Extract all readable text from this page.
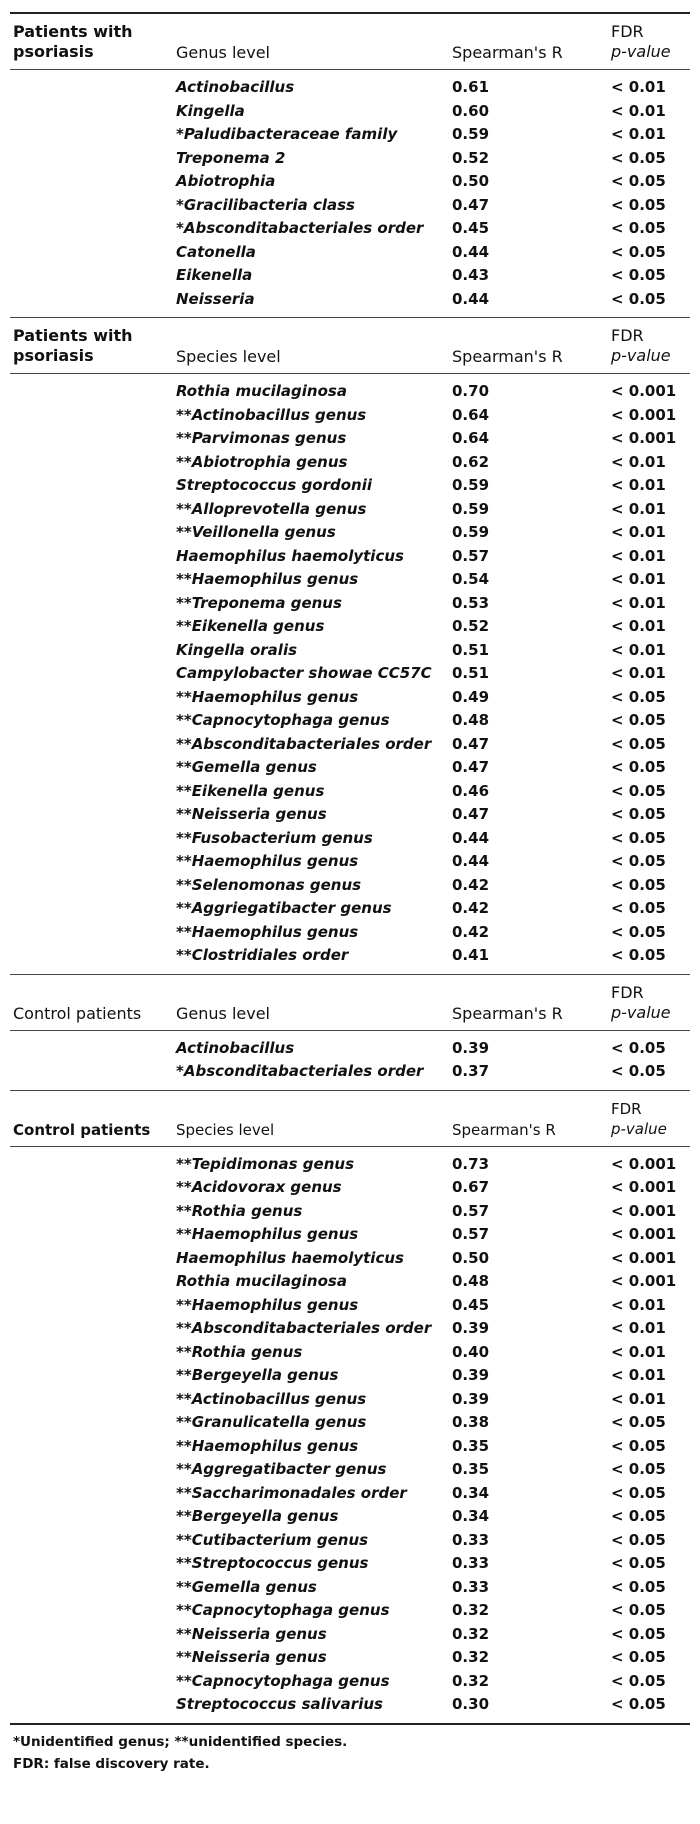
Patients with psoriasis	Genus level	Spearman's R
FDR
p-value
Actinobacillus	0.61	< 0.01
Kingella	0.60	< 0.01
*Paludibacteraceae family	0.59	< 0.01
Treponema 2	0.52	< 0.05
Abiotrophia	0.50	< 0.05
*Gracilibacteria class	0.47	< 0.05
*Absconditabacteriales order 0.45	< 0.05
Catonella	0.44	< 0.05
Eikenella	0.43	< 0.05
Neisseria	0.44	< 0.05
Patients with psoriasis	Species level	Spearman's R
FDR
p-value
Rothia mucilaginosa	0.70	< 0.001
**Actinobacillus genus	0.64	< 0.001
**Parvimonas genus	0.64	< 0.001
**Abiotrophia genus	0.62	< 0.01
Streptococcus gordonii	0.59	< 0.01
**Alloprevotella genus	0.59	< 0.01
**Veillonella genus	0.59	< 0.01
Haemophilus haemolyticus	0.57	< 0.01
**Haemophilus genus	0.54	< 0.01
**Treponema genus	0.53	< 0.01
**Eikenella genus	0.52	< 0.01
Kingella oralis	0.51	< 0.01
Campylobacter showae CC57C 0.51	< 0.01
**Haemophilus genus	0.49	< 0.05
**Capnocytophaga genus	0.48	< 0.05
**Absconditabacteriales order 0.47	< 0.05
**Gemella genus	0.47	< 0.05
**Eikenella genus	0.46	< 0.05
**Neisseria genus	0.47	< 0.05
**Fusobacterium genus	0.44	< 0.05
**Haemophilus genus	0.44	< 0.05
**Selenomonas genus	0.42	< 0.05
**Aggriegatibacter genus	0.42	< 0.05
**Haemophilus genus	0.42	< 0.05
**Clostridiales order	0.41	< 0.05
Control patients	Genus level	Spearman's R
FDR
p-value
Actinobacillus	0.39	< 0.05
*Absconditabacteriales order 0.37	< 0.05
Control patients	Species level	Spearman's R
FDR
p-value
**Tepidimonas genus	0.73	< 0.001
**Acidovorax genus	0.67	< 0.001
**Rothia genus	0.57	< 0.001
**Haemophilus genus	0.57	< 0.001
Haemophilus haemolyticus	0.50	< 0.001
Rothia mucilaginosa	0.48	< 0.001
**Haemophilus genus	0.45	< 0.01
**Absconditabacteriales order 0.39	< 0.01
**Rothia genus	0.40	< 0.01
**Bergeyella genus	0.39	< 0.01
**Actinobacillus genus	0.39	< 0.01
**Granulicatella genus	0.38	< 0.05
**Haemophilus genus	0.35	< 0.05
**Aggregatibacter genus	0.35	< 0.05
**Saccharimonadales order	0.34	< 0.05
**Bergeyella genus	0.34	< 0.05
**Cutibacterium genus	0.33	< 0.05
**Streptococcus genus	0.33	< 0.05
**Gemella genus	0.33	< 0.05
**Capnocytophaga genus	0.32	< 0.05
**Neisseria genus	0.32	< 0.05
**Neisseria genus	0.32	< 0.05
**Capnocytophaga genus	0.32	< 0.05
Streptococcus salivarius	0.30	< 0.05
*Unidentified genus; **unidentified species.
FDR: false discovery rate.
